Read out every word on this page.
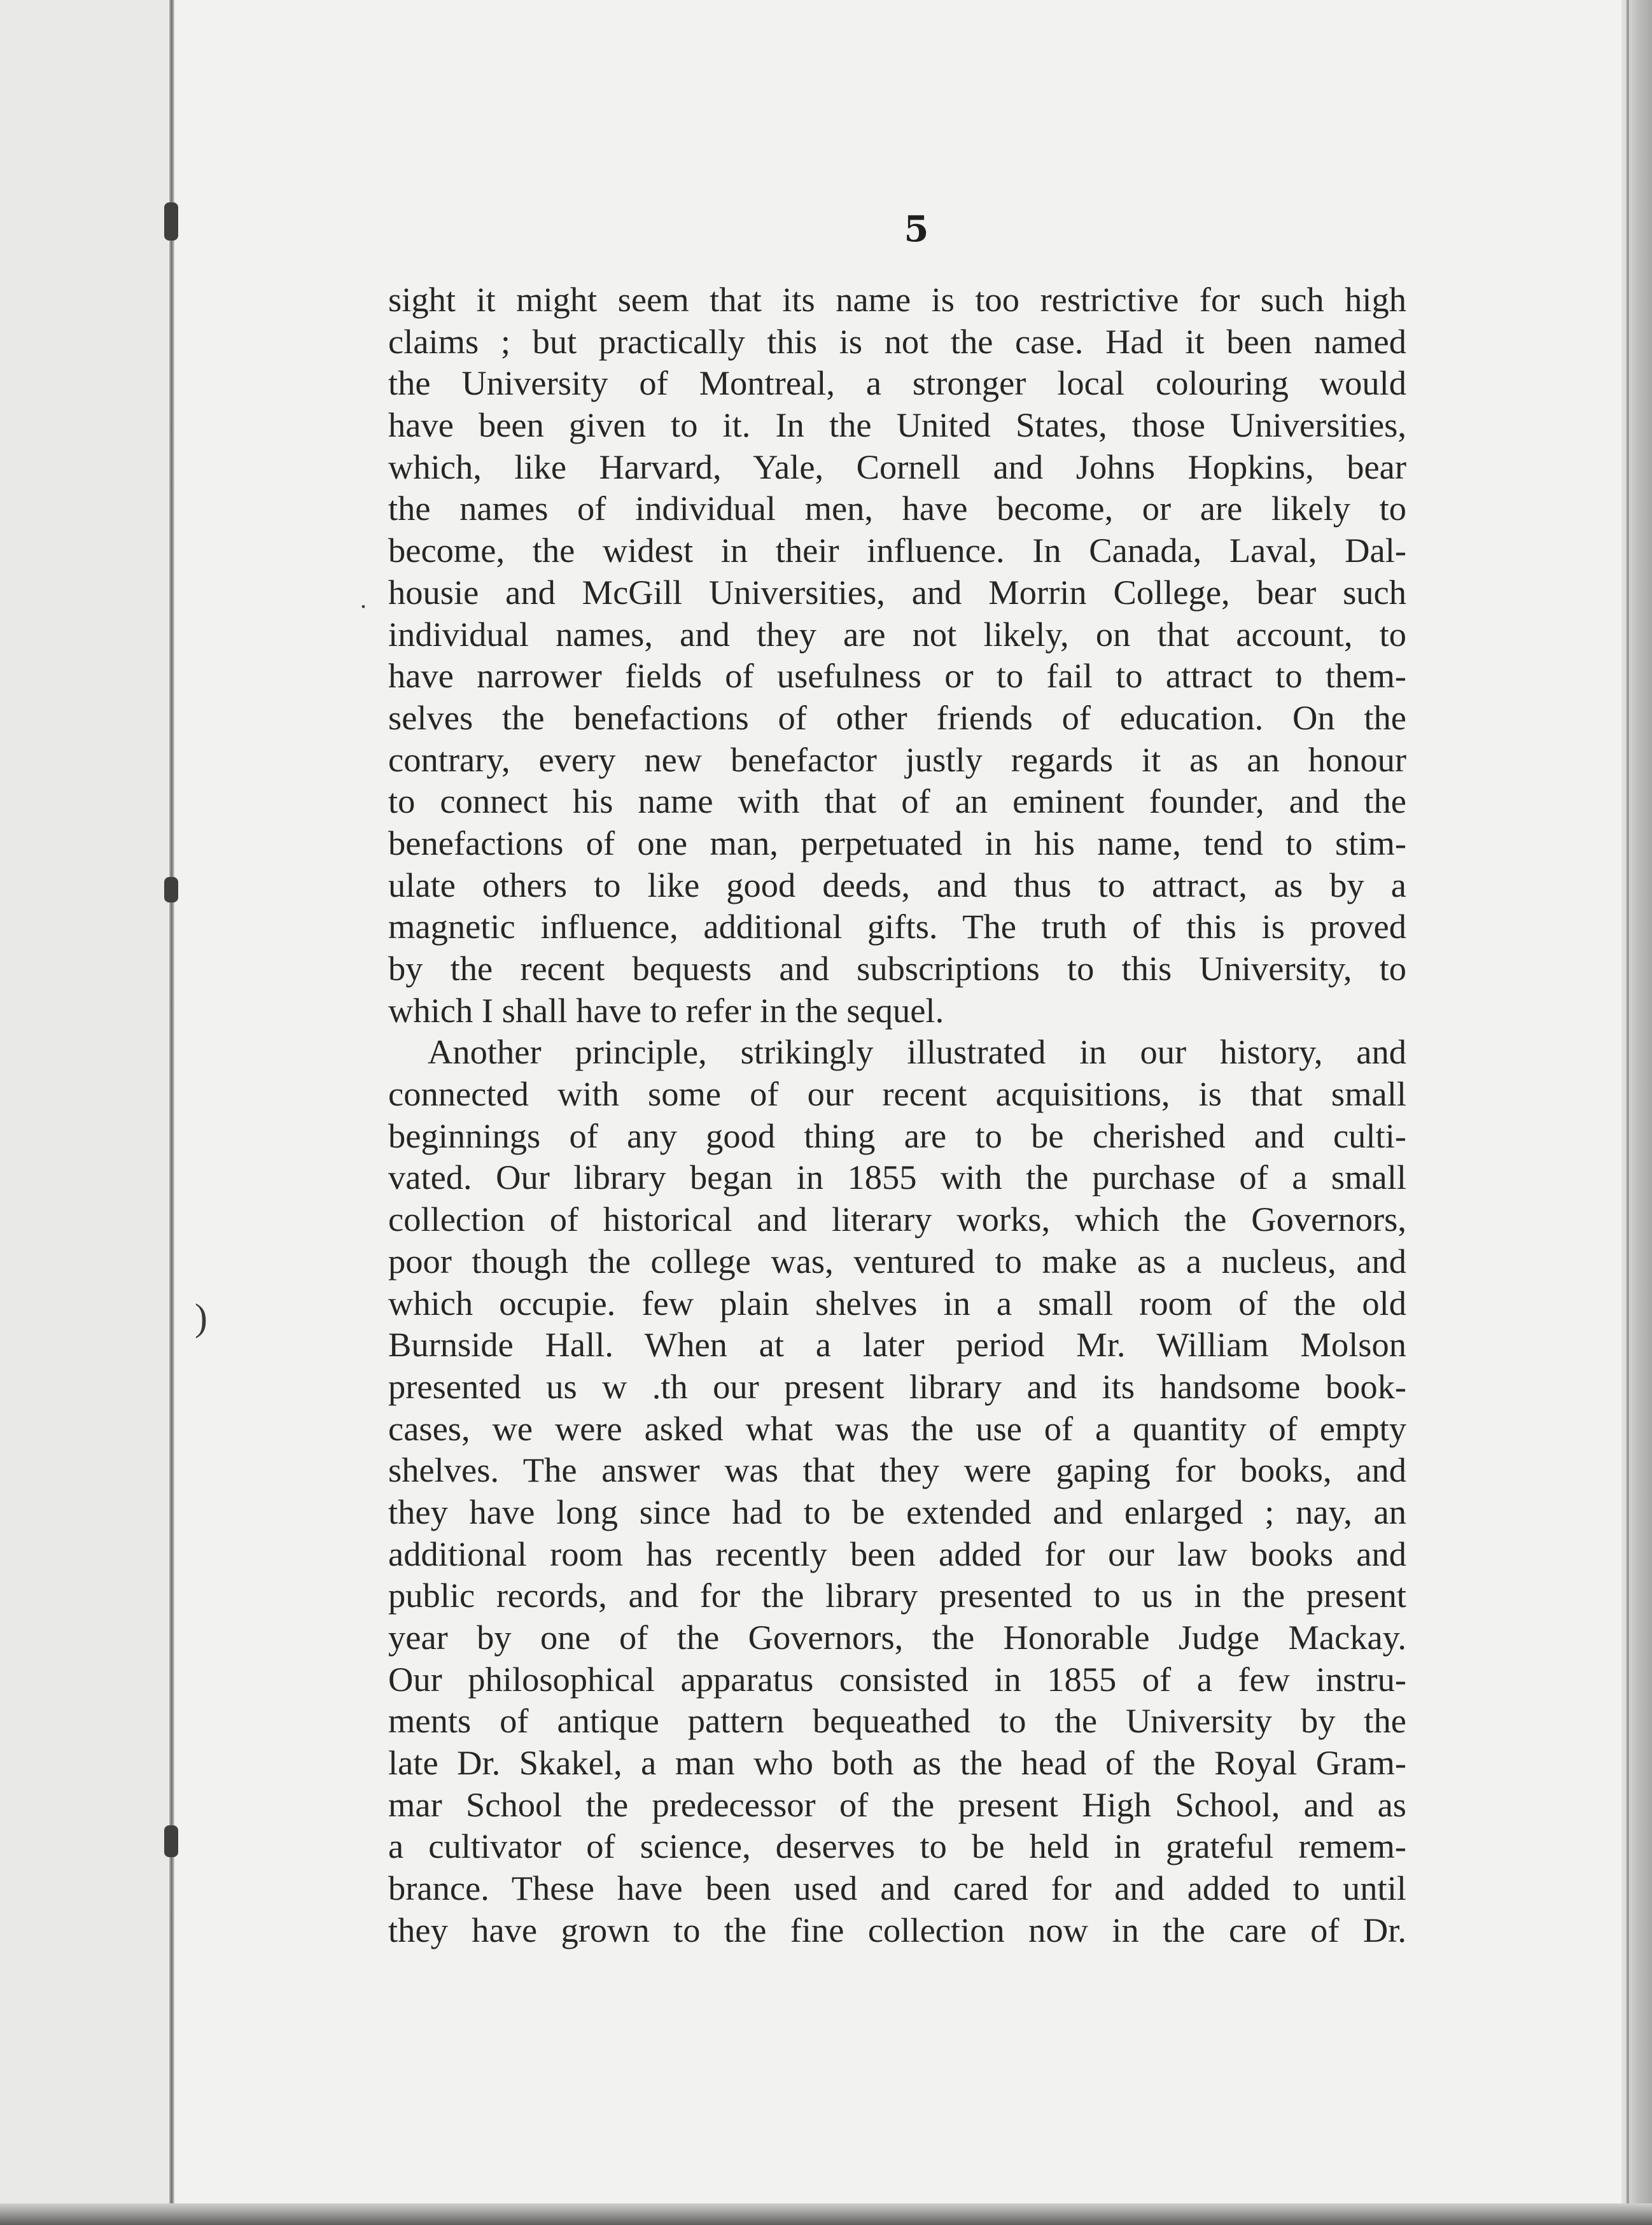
.
)
5
sight it might seem that its name is too restrictive for such high
claims ; but practically this is not the case. Had it been named
the University of Montreal, a stronger local colouring would
have been given to it. In the United States, those Universities,
which, like Harvard, Yale, Cornell and Johns Hopkins, bear
the names of individual men, have become, or are likely to
become, the widest in their influence. In Canada, Laval, Dal-
housie and McGill Universities, and Morrin College, bear such
individual names, and they are not likely, on that account, to
have narrower fields of usefulness or to fail to attract to them-
selves the benefactions of other friends of education. On the
contrary, every new benefactor justly regards it as an honour
to connect his name with that of an eminent founder, and the
benefactions of one man, perpetuated in his name, tend to stim-
ulate others to like good deeds, and thus to attract, as by a
magnetic influence, additional gifts. The truth of this is proved
by the recent bequests and subscriptions to this University, to
which I shall have to refer in the sequel.
Another principle, strikingly illustrated in our history, and
connected with some of our recent acquisitions, is that small
beginnings of any good thing are to be cherished and culti-
vated. Our library began in 1855 with the purchase of a small
collection of historical and literary works, which the Governors,
poor though the college was, ventured to make as a nucleus, and
which occupie. few plain shelves in a small room of the old
Burnside Hall. When at a later period Mr. William Molson
presented us w .th our present library and its handsome book-
cases, we were asked what was the use of a quantity of empty
shelves. The answer was that they were gaping for books, and
they have long since had to be extended and enlarged ; nay, an
additional room has recently been added for our law books and
public records, and for the library presented to us in the present
year by one of the Governors, the Honorable Judge Mackay.
Our philosophical apparatus consisted in 1855 of a few instru-
ments of antique pattern bequeathed to the University by the
late Dr. Skakel, a man who both as the head of the Royal Gram-
mar School the predecessor of the present High School, and as
a cultivator of science, deserves to be held in grateful remem-
brance. These have been used and cared for and added to until
they have grown to the fine collection now in the care of Dr.
